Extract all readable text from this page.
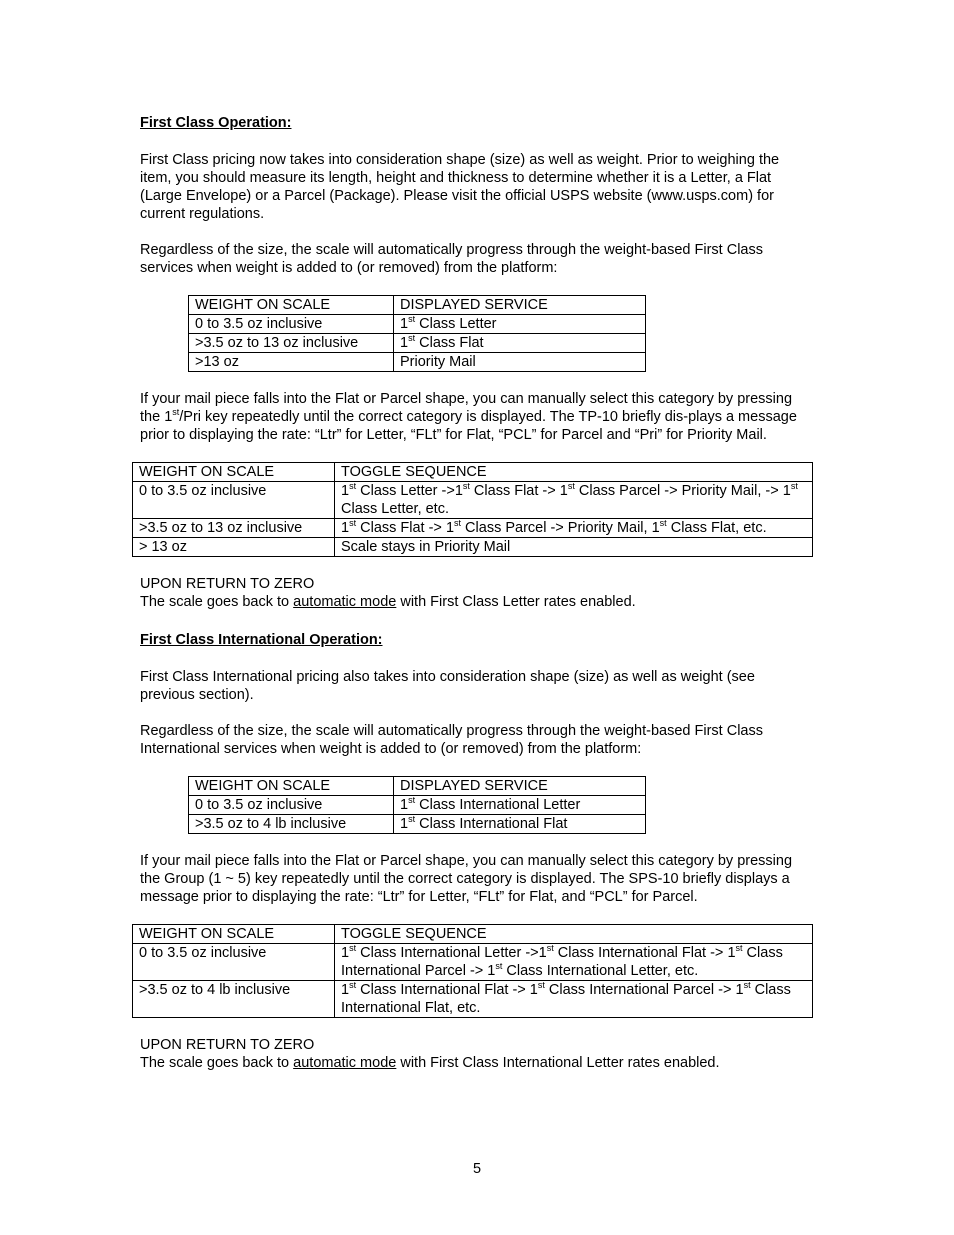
First Class Operation:

First Class pricing now takes into consideration shape (size) as well as weight. Prior to weighing the item, you should measure its length, height and thickness to determine whether it is a Letter, a Flat (Large Envelope) or a Parcel (Package). Please visit the official USPS website (www.usps.com) for current regulations.

Regardless of the size, the scale will automatically progress through the weight-based First Class services when weight is added to (or removed) from the platform:

WEIGHT ON SCALE	DISPLAYED SERVICE
0 to 3.5 oz inclusive	1st Class Letter
>3.5 oz to 13 oz inclusive	1st Class Flat
>13 oz	Priority Mail

If your mail piece falls into the Flat or Parcel shape, you can manually select this category by pressing the 1st/Pri key repeatedly until the correct category is displayed. The TP-10 briefly dis-plays a message prior to displaying the rate: “Ltr” for Letter, “FLt” for Flat, “PCL” for Parcel and “Pri” for Priority Mail.

WEIGHT ON SCALE	TOGGLE SEQUENCE
0 to 3.5 oz inclusive	1st Class Letter ->1st Class Flat -> 1st Class Parcel -> Priority Mail, -> 1st Class Letter, etc.
>3.5 oz to 13 oz inclusive	1st Class Flat -> 1st Class Parcel -> Priority Mail, 1st Class Flat, etc.
> 13 oz	Scale stays in Priority Mail

UPON RETURN TO ZERO

The scale goes back to automatic mode with First Class Letter rates enabled.

First Class International Operation:

First Class International pricing also takes into consideration shape (size) as well as weight (see previous section).

Regardless of the size, the scale will automatically progress through the weight-based First Class International services when weight is added to (or removed) from the platform:

WEIGHT ON SCALE	DISPLAYED SERVICE
0 to 3.5 oz inclusive	1st Class International Letter
>3.5 oz to 4 lb inclusive	1st Class International Flat

If your mail piece falls into the Flat or Parcel shape, you can manually select this category by pressing the Group (1 ~ 5) key repeatedly until the correct category is displayed. The SPS-10 briefly displays a message prior to displaying the rate: “Ltr” for Letter, “FLt” for Flat, and “PCL” for Parcel.

WEIGHT ON SCALE	TOGGLE SEQUENCE
0 to 3.5 oz inclusive	1st Class International Letter ->1st Class International Flat -> 1st Class International Parcel -> 1st Class International Letter, etc.
>3.5 oz to 4 lb inclusive	1st Class International Flat -> 1st Class International Parcel -> 1st Class International Flat, etc.

UPON RETURN TO ZERO

The scale goes back to automatic mode with First Class International Letter rates enabled.

5
